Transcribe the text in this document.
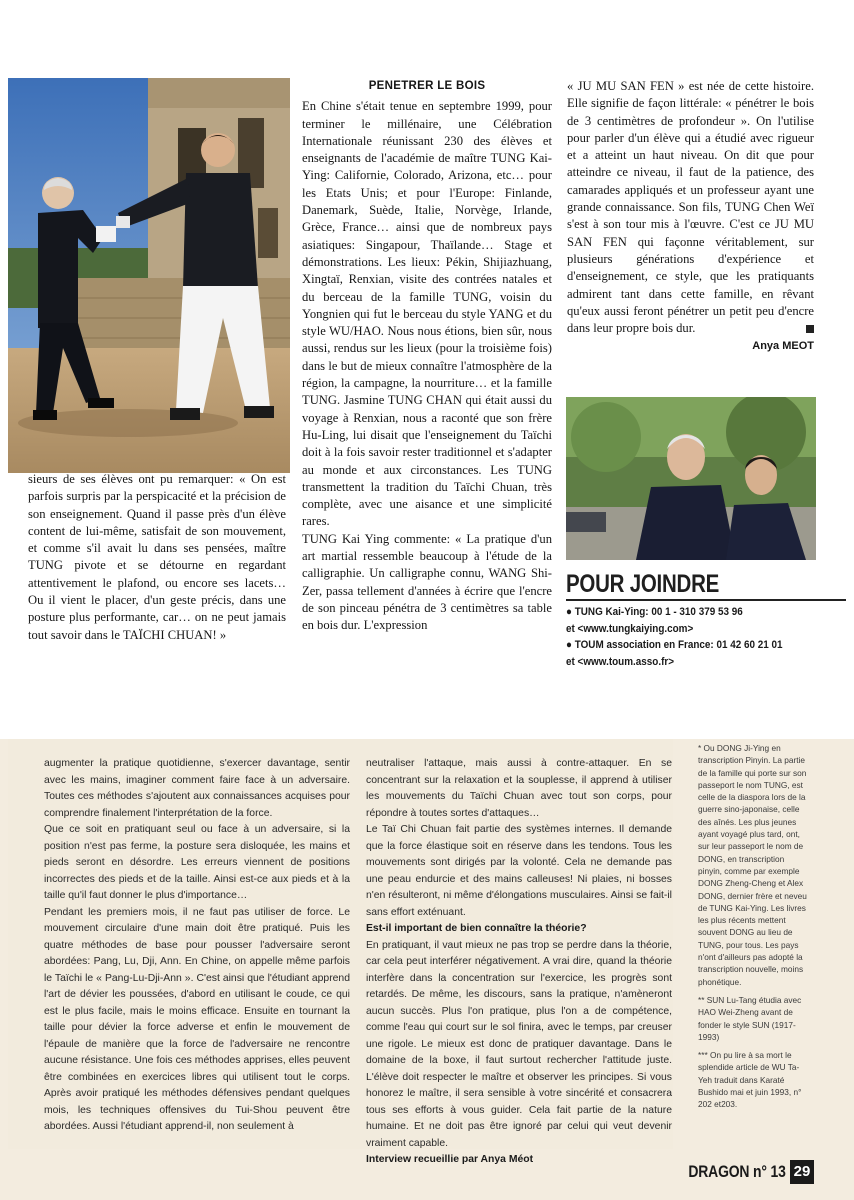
sieurs de ses élèves ont pu remarquer: « On est parfois surpris par la perspicacité et la précision de son enseignement. Quand il passe près d'un élève content de lui-même, satisfait de son mouvement, et comme s'il avait lu dans ses pensées, maître TUNG pivote et se détourne en regardant attentivement le plafond, ou encore ses lacets… Ou il vient le placer, d'un geste précis, dans une posture plus performante, car… on ne peut jamais tout savoir dans le TAÏCHI CHUAN! »

PENETRER LE BOIS

En Chine s'était tenue en septembre 1999, pour terminer le millénaire, une Célébration Internationale réunissant 230 des élèves et enseignants de l'académie de maître TUNG Kai-Ying: Californie, Colorado, Arizona, etc… pour les Etats Unis; et pour l'Europe: Finlande, Danemark, Suède, Italie, Norvège, Irlande, Grèce, France… ainsi que de nombreux pays asiatiques: Singapour, Thaïlande… Stage et démonstrations. Les lieux: Pékin, Shijiazhuang, Xingtaï, Renxian, visite des contrées natales et du berceau de la famille TUNG, voisin du Yongnien qui fut le berceau du style YANG et du style WU/HAO. Nous nous étions, bien sûr, nous aussi, rendus sur les lieux (pour la troisième fois) dans le but de mieux connaître l'atmosphère de la région, la campagne, la nourriture… et la famille TUNG. Jasmine TUNG CHAN qui était aussi du voyage à Renxian, nous a raconté que son frère Hu-Ling, lui disait que l'enseignement du Taïchi doit à la fois savoir rester traditionnel et s'adapter au monde et aux circonstances. Les TUNG transmettent la tradition du Taïchi Chuan, très complète, avec une aisance et une simplicité rares.

TUNG Kai Ying commente: « La pratique d'un art martial ressemble beaucoup à l'étude de la calligraphie. Un calligraphe connu, WANG Shi-Zer, passa tellement d'années à écrire que l'encre de son pinceau pénétra de 3 centimètres sa table en bois dur. L'expression

« JU MU SAN FEN » est née de cette histoire. Elle signifie de façon littérale: « pénétrer le bois de 3 centimètres de profondeur ». On l'utilise pour parler d'un élève qui a étudié avec rigueur et a atteint un haut niveau. On dit que pour atteindre ce niveau, il faut de la patience, des camarades appliqués et un professeur ayant une grande connaissance. Son fils, TUNG Chen Weï s'est à son tour mis à l'œuvre. C'est ce JU MU SAN FEN qui façonne véritablement, sur plusieurs générations d'expérience et d'enseignement, ce style, que les pratiquants admirent tant dans cette famille, en rêvant qu'eux aussi feront pénétrer un petit peu d'encre dans leur propre bois dur.

Anya MEOT
POUR JOINDRE
● TUNG Kai-Ying: 00 1 - 310 379 53 96
et <www.tungkaiying.com>
● TOUM association en France: 01 42 60 21 01
et <www.toum.asso.fr>

augmenter la pratique quotidienne, s'exercer davantage, sentir avec les mains, imaginer comment faire face à un adversaire. Toutes ces méthodes s'ajoutent aux connaissances acquises pour comprendre finalement l'interprétation de la force.

Que ce soit en pratiquant seul ou face à un adversaire, si la position n'est pas ferme, la posture sera disloquée, les mains et pieds seront en désordre. Les erreurs viennent de positions incorrectes des pieds et de la taille. Ainsi est-ce aux pieds et à la taille qu'il faut donner le plus d'importance…

Pendant les premiers mois, il ne faut pas utiliser de force. Le mouvement circulaire d'une main doit être pratiqué. Puis les quatre méthodes de base pour pousser l'adversaire seront abordées: Pang, Lu, Dji, Ann. En Chine, on appelle même parfois le Taïchi le « Pang-Lu-Dji-Ann ». C'est ainsi que l'étudiant apprend l'art de dévier les poussées, d'abord en utilisant le coude, ce qui est le plus facile, mais le moins efficace. Ensuite en tournant la taille pour dévier la force adverse et enfin le mouvement de l'épaule de manière que la force de l'adversaire ne rencontre aucune résistance. Une fois ces méthodes apprises, elles peuvent être combinées en exercices libres qui utilisent tout le corps. Après avoir pratiqué les méthodes défensives pendant quelques mois, les techniques offensives du Tui-Shou peuvent être abordées. Aussi l'étudiant apprend-il, non seulement à

neutraliser l'attaque, mais aussi à contre-attaquer. En se concentrant sur la relaxation et la souplesse, il apprend à utiliser les mouvements du Taïchi Chuan avec tout son corps, pour répondre à toutes sortes d'attaques…

Le Taï Chi Chuan fait partie des systèmes internes. Il demande que la force élastique soit en réserve dans les tendons. Tous les mouvements sont dirigés par la volonté. Cela ne demande pas une peau endurcie et des mains calleuses! Ni plaies, ni bosses n'en résulteront, ni même d'élongations musculaires. Ainsi se fait-il sans effort exténuant.

Est-il important de bien connaître la théorie?

En pratiquant, il vaut mieux ne pas trop se perdre dans la théorie, car cela peut interférer négativement. A vrai dire, quand la théorie interfère dans la concentration sur l'exercice, les progrès sont retardés. De même, les discours, sans la pratique, n'amèneront aucun succès. Plus l'on pratique, plus l'on a de compétence, comme l'eau qui court sur le sol finira, avec le temps, par creuser une rigole. Le mieux est donc de pratiquer davantage. Dans le domaine de la boxe, il faut surtout rechercher l'attitude juste. L'élève doit respecter le maître et observer les principes. Si vous honorez le maître, il sera sensible à votre sincérité et consacrera tous ses efforts à vous guider. Cela fait partie de la nature humaine. Et ne doit pas être ignoré par celui qui veut devenir vraiment capable.

Interview recueillie par Anya Méot

* Ou DONG Ji-Ying en transcription Pinyin. La partie de la famille qui porte sur son passeport le nom TUNG, est celle de la diaspora lors de la guerre sino-japonaise, celle des aînés. Les plus jeunes ayant voyagé plus tard, ont, sur leur passeport le nom de DONG, en transcription pinyin, comme par exemple DONG Zheng-Cheng et Alex DONG, dernier frère et neveu de TUNG Kai-Ying. Les livres les plus récents mettent souvent DONG au lieu de TUNG, pour tous. Les pays n'ont d'ailleurs pas adopté la transcription nouvelle, moins phonétique.

** SUN Lu-Tang étudia avec HAO Wei-Zheng avant de fonder le style SUN (1917-1993)

*** On pu lire à sa mort le splendide article de WU Ta-Yeh traduit dans Karaté Bushido mai et juin 1993, n° 202 et203.

DRAGON n° 13 29
